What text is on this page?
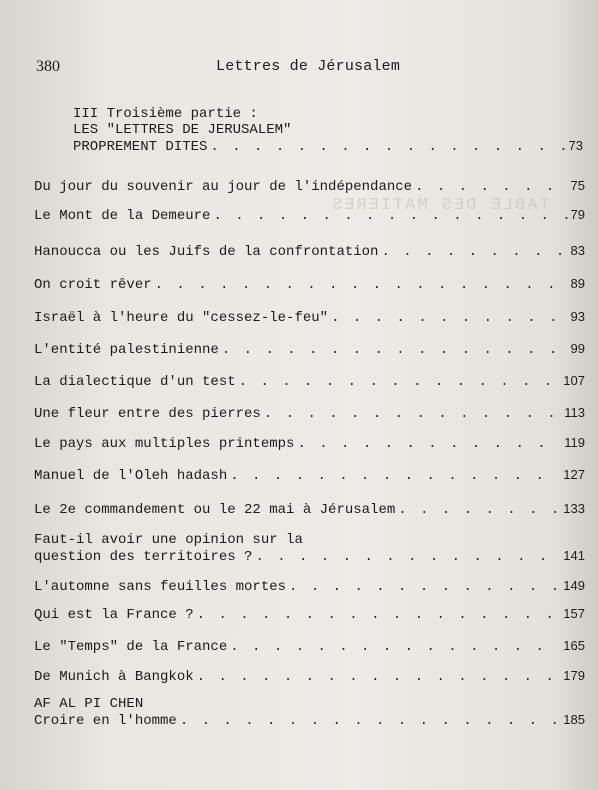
TABLE DES MATIERES
380	Lettres de Jérusalem
III Troisième partie :
LES "LETTRES DE JERUSALEM"
PROPREMENT DITES . . .	73
Du jour du souvenir au jour de l'indépendance . . .	75
Le Mont de la Demeure . . .	79
Hanoucca ou les Juifs de la confrontation . . .	83
On croit rêver . . .	89
Israël à l'heure du "cessez-le-feu" . . .	93
L'entité palestinienne . . .	99
La dialectique d'un test . . .	107
Une fleur entre des pierres . . .	113
Le pays aux multiples printemps . . .	119
Manuel de l'Oleh hadash . . .	127
Le 2e commandement ou le 22 mai à Jérusalem . . .	133
Faut-il avoir une opinion sur la
question des territoires ? . . .	141
L'automne sans feuilles mortes . . .	149
Qui est la France ? . . .	157
Le "Temps" de la France . . .	165
De Munich à Bangkok . . .	179
AF AL PI CHEN
Croire en l'homme . . .	185
